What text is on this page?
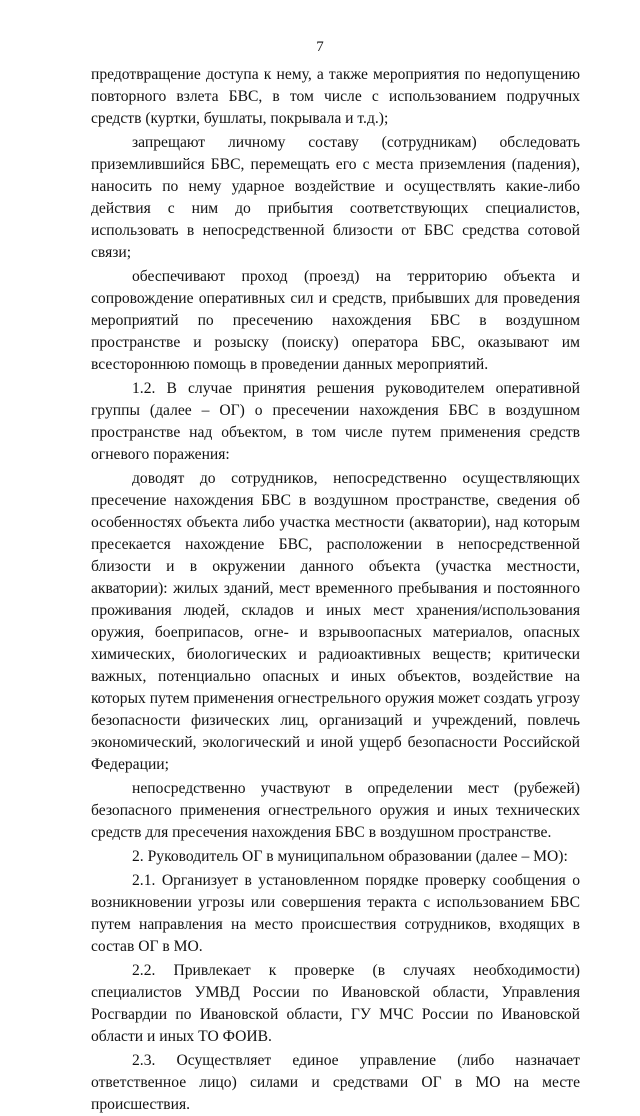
7

предотвращение доступа к нему, а также мероприятия по недопущению повторного взлета БВС, в том числе с использованием подручных средств (куртки, бушлаты, покрывала и т.д.);

запрещают личному составу (сотрудникам) обследовать приземлившийся БВС, перемещать его с места приземления (падения), наносить по нему ударное воздействие и осуществлять какие-либо действия с ним до прибытия соответствующих специалистов, использовать в непосредственной близости от БВС средства сотовой связи;

обеспечивают проход (проезд) на территорию объекта и сопровождение оперативных сил и средств, прибывших для проведения мероприятий по пресечению нахождения БВС в воздушном пространстве и розыску (поиску) оператора БВС, оказывают им всестороннюю помощь в проведении данных мероприятий.

1.2. В случае принятия решения руководителем оперативной группы (далее – ОГ) о пресечении нахождения БВС в воздушном пространстве над объектом, в том числе путем применения средств огневого поражения:

доводят до сотрудников, непосредственно осуществляющих пресечение нахождения БВС в воздушном пространстве, сведения об особенностях объекта либо участка местности (акватории), над которым пресекается нахождение БВС, расположении в непосредственной близости и в окружении данного объекта (участка местности, акватории): жилых зданий, мест временного пребывания и постоянного проживания людей, складов и иных мест хранения/использования оружия, боеприпасов, огне- и взрывоопасных материалов, опасных химических, биологических и радиоактивных веществ; критически важных, потенциально опасных и иных объектов, воздействие на которых путем применения огнестрельного оружия может создать угрозу безопасности физических лиц, организаций и учреждений, повлечь экономический, экологический и иной ущерб безопасности Российской Федерации;

непосредственно участвуют в определении мест (рубежей) безопасного применения огнестрельного оружия и иных технических средств для пресечения нахождения БВС в воздушном пространстве.

2. Руководитель ОГ в муниципальном образовании (далее – МО):

2.1. Организует в установленном порядке проверку сообщения о возникновении угрозы или совершения теракта с использованием БВС путем направления на место происшествия сотрудников, входящих в состав ОГ в МО.

2.2. Привлекает к проверке (в случаях необходимости) специалистов УМВД России по Ивановской области, Управления Росгвардии по Ивановской области, ГУ МЧС России по Ивановской области и иных ТО ФОИВ.

2.3. Осуществляет единое управление (либо назначает ответственное лицо) силами и средствами ОГ в МО на месте происшествия.
